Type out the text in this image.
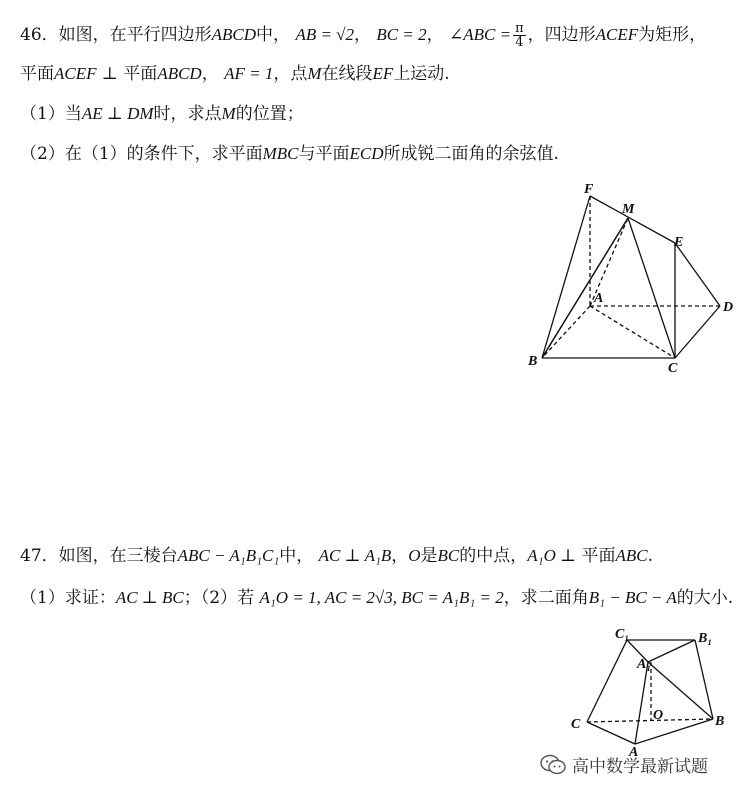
46．如图，在平行四边形ABCD中， AB = √2， BC = 2， ∠ABC = $\frac{\pi}{4}$ ，四边形ACEF为矩形，
平面ACEF ⊥ 平面ABCD， AF = 1，点M在线段EF上运动.
（1）当AE ⊥ DM时，求点M的位置；
（2）在（1）的条件下，求平面MBC与平面ECD所成锐二面角的余弦值.
F
M
E
A
D
B	C
47．如图，在三棱台ABC − A₁B₁C₁中， AC ⊥ A₁B，O是BC的中点，A₁O ⊥ 平面ABC.
（1）求证：AC ⊥ BC；（2）若 A₁O = 1, AC = 2√3, BC = A₁B₁ = 2，求二面角B₁ − BC − A的大小.
C₁	B₁
A₁
C
O	B
A
高中数学最新试题
